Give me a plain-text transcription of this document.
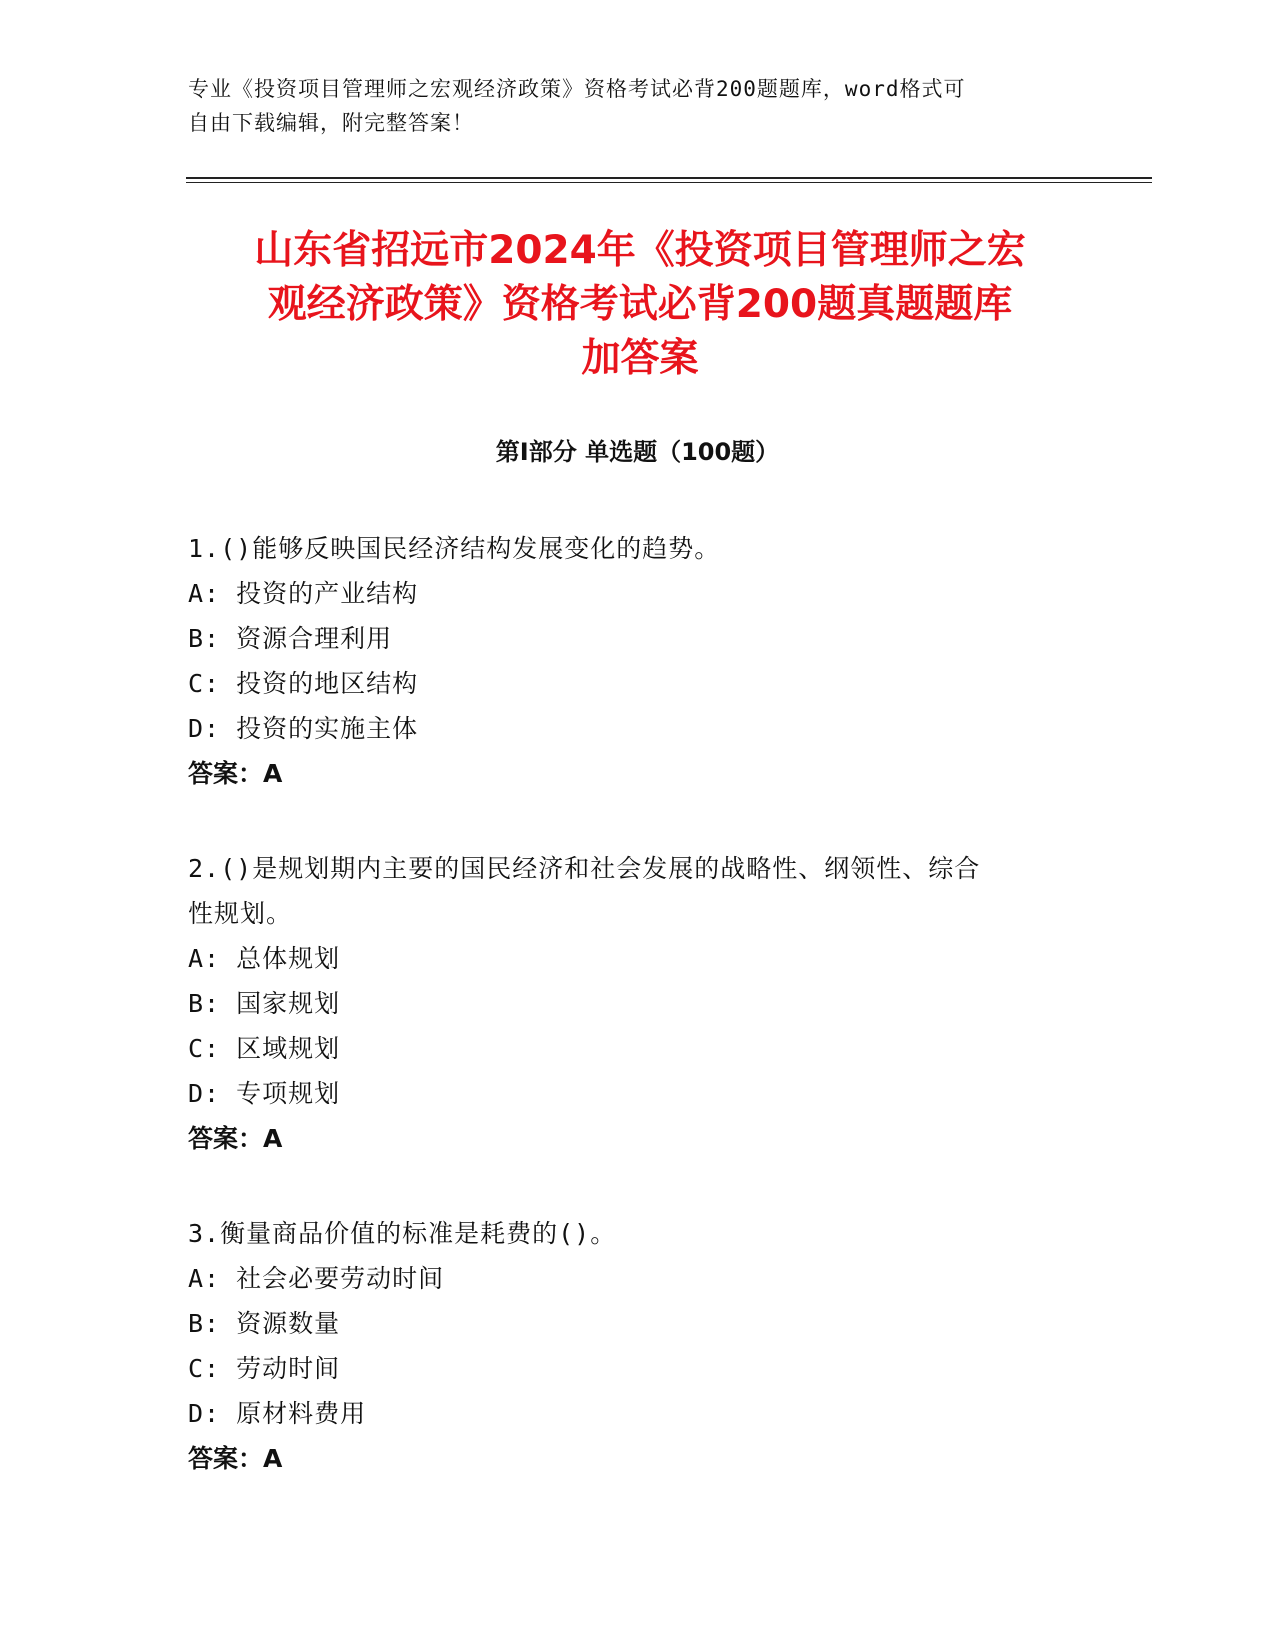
专业《投资项目管理师之宏观经济政策》资格考试必背200题题库，word格式可
自由下载编辑，附完整答案！
山东省招远市2024年《投资项目管理师之宏
观经济政策》资格考试必背200题真题题库
加答案
第Ⅰ部分 单选题（100题）
1.()能够反映国民经济结构发展变化的趋势。
A: 投资的产业结构
B: 资源合理利用
C: 投资的地区结构
D: 投资的实施主体
答案：A
2.()是规划期内主要的国民经济和社会发展的战略性、纲领性、综合
性规划。
A: 总体规划
B: 国家规划
C: 区域规划
D: 专项规划
答案：A
3.衡量商品价值的标准是耗费的()。
A: 社会必要劳动时间
B: 资源数量
C: 劳动时间
D: 原材料费用
答案：A
